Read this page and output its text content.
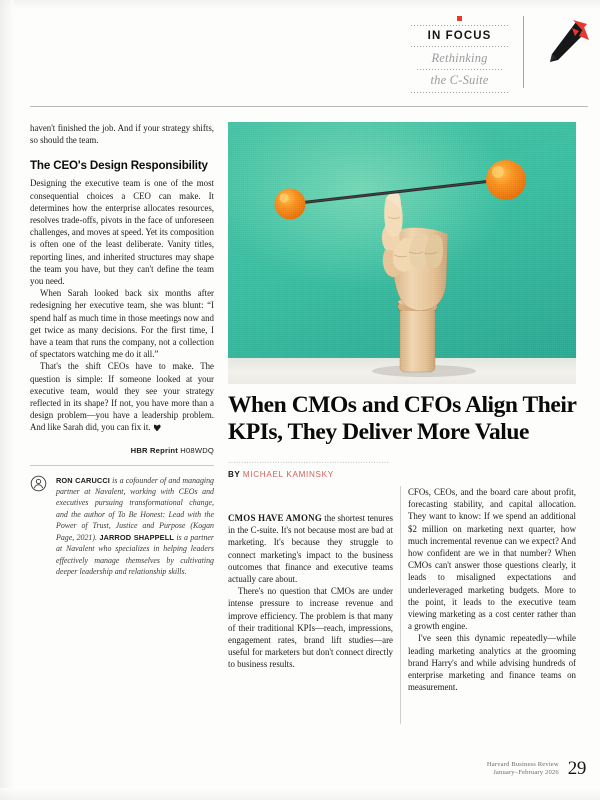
IN FOCUS
Rethinking
the C-Suite

haven't finished the job. And if your strategy shifts, so should the team.

The CEO's Design Responsibility

Designing the executive team is one of the most consequential choices a CEO can make. It determines how the enterprise allocates resources, resolves trade-offs, pivots in the face of unforeseen challenges, and moves at speed. Yet its composition is often one of the least deliberate. Vanity titles, reporting lines, and inherited structures may shape the team you have, but they can't define the team you need.

When Sarah looked back six months after redesigning her executive team, she was blunt: “I spend half as much time in those meetings now and get twice as many decisions. For the first time, I have a team that runs the company, not a collection of spectators watching me do it all.”

That's the shift CEOs have to make. The question is simple: If someone looked at your executive team, would they see your strategy reflected in its shape? If not, you have more than a design problem—you have a leadership problem. And like Sarah did, you can fix it.

HBR Reprint H08WDQ
RON CARUCCI is a cofounder of and managing partner at Navalent, working with CEOs and executives pursuing transformational change, and the author of To Be Honest: Lead with the Power of Trust, Justice and Purpose (Kogan Page, 2021). JARROD SHAPPELL is a partner at Navalent who specializes in helping leaders effectively manage themselves by cultivating deeper leadership and relationship skills.
When CMOs and CFOs Align Their KPIs, They Deliver More Value
BY MICHAEL KAMINSKY

CMOS HAVE AMONG the shortest tenures in the C-suite. It's not because most are bad at marketing. It's because they struggle to connect marketing's impact to the business outcomes that finance and executive teams actually care about.

There's no question that CMOs are under intense pressure to increase revenue and improve efficiency. The problem is that many of their traditional KPIs—reach, impressions, engagement rates, brand lift studies—are useful for marketers but don't connect directly to business results.

CFOs, CEOs, and the board care about profit, forecasting stability, and capital allocation. They want to know: If we spend an additional $2 million on marketing next quarter, how much incremental revenue can we expect? And how confident are we in that number? When CMOs can't answer those questions clearly, it leads to misaligned expectations and underleveraged marketing budgets. More to the point, it leads to the executive team viewing marketing as a cost center rather than a growth engine.

I've seen this dynamic repeatedly—while leading marketing analytics at the grooming brand Harry's and while advising hundreds of enterprise marketing and finance teams on measurement.

Harvard Business Review
January–February 2026 29
